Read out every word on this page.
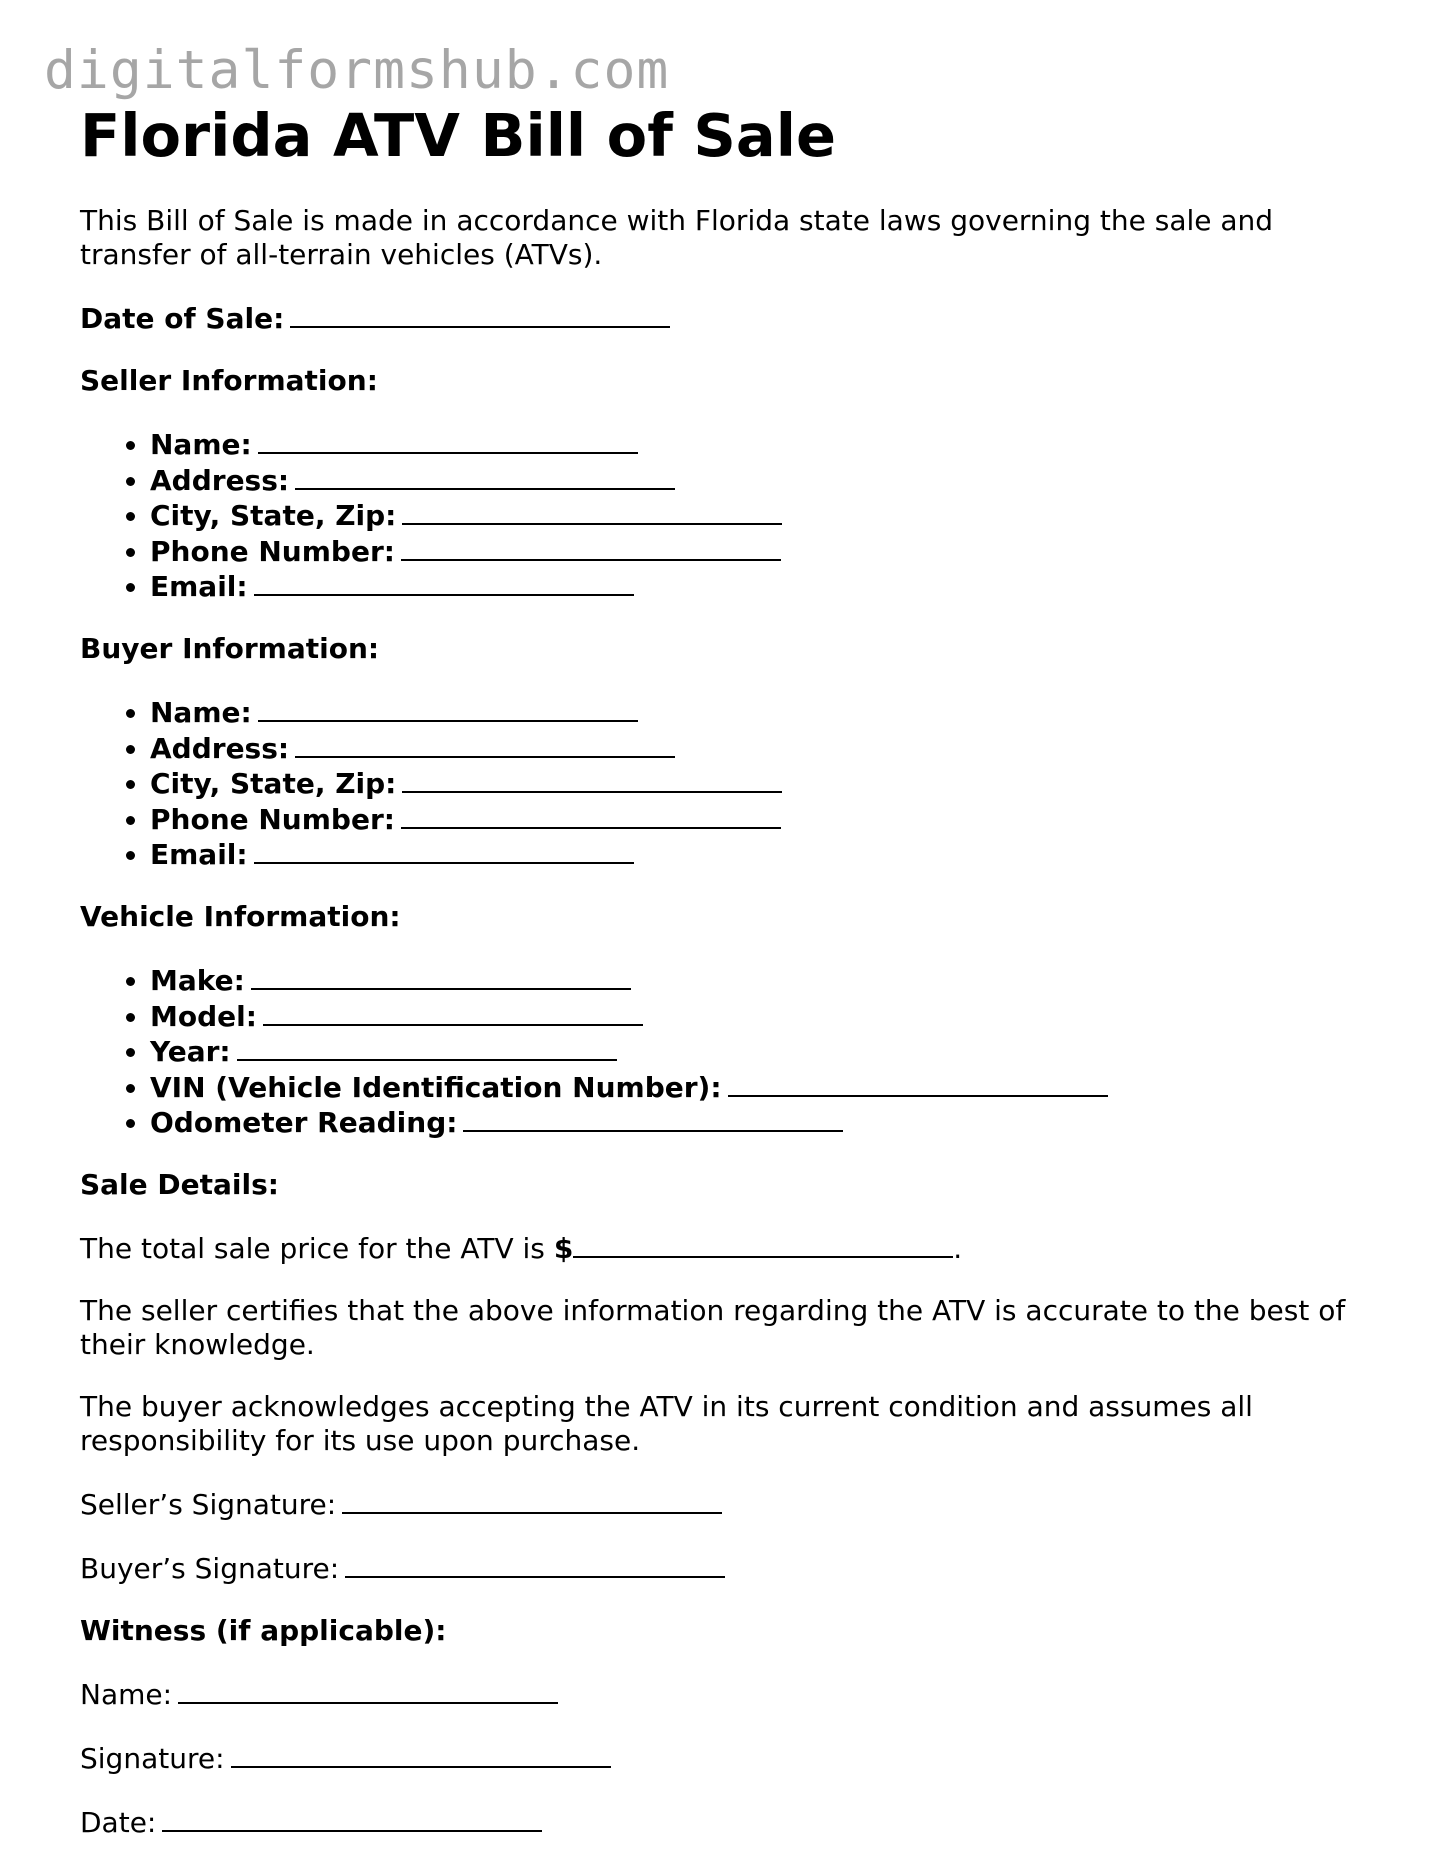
digitalformshub.com
Florida ATV Bill of Sale

This Bill of Sale is made in accordance with Florida state laws governing the sale and transfer of all-terrain vehicles (ATVs).

Date of Sale:

Seller Information:

• Name:
• Address:
• City, State, Zip:
• Phone Number:
• Email:

Buyer Information:

• Name:
• Address:
• City, State, Zip:
• Phone Number:
• Email:

Vehicle Information:

• Make:
• Model:
• Year:
• VIN (Vehicle Identification Number):
• Odometer Reading:

Sale Details:

The total sale price for the ATV is $	.

The seller certifies that the above information regarding the ATV is accurate to the best of their knowledge.

The buyer acknowledges accepting the ATV in its current condition and assumes all responsibility for its use upon purchase.

Seller’s Signature:

Buyer’s Signature:

Witness (if applicable):

Name:

Signature:

Date:
